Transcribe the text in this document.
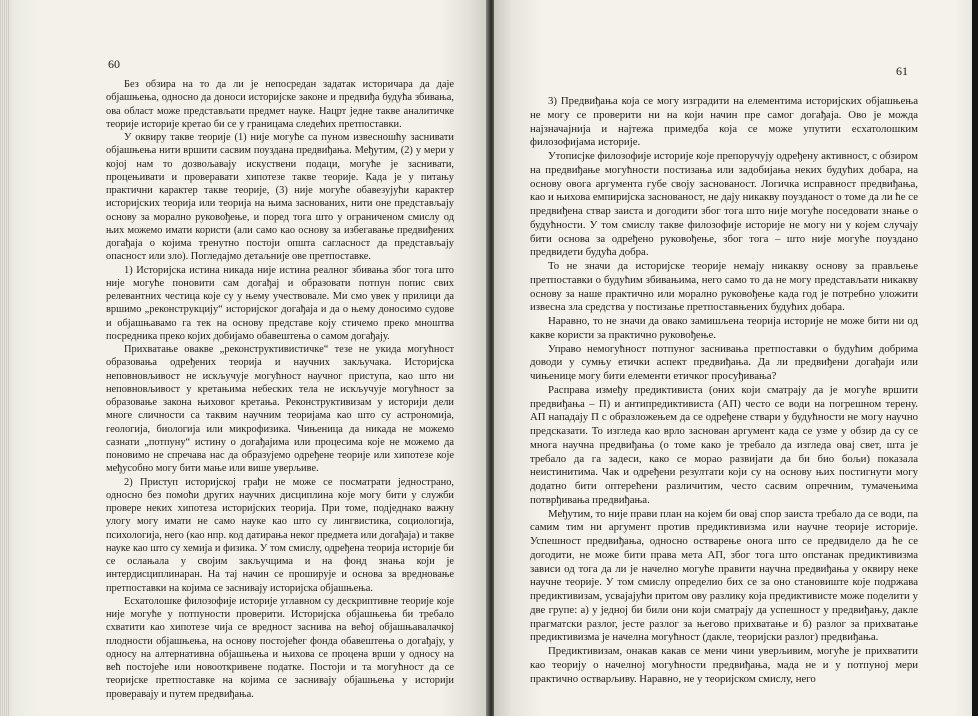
60

Без обзира на то да ли је непосредан задатак историчара да даје објашњења, односно да доноси историјске законе и предвиђа будућа збивања, ова област може представљати предмет науке. Нацрт једне такве аналитичке теорије историје кретао би се у границама следећих претпоставки.

У оквиру такве теорије (1) није могуће са пуном извесношћу заснивати објашњења нити вршити сасвим поуздана предвиђања. Међутим, (2) у мери у којој нам то дозвољавају искуствени подаци, могуће је заснивати, процењивати и проверавати хипотезе такве теорије. Када је у питању практични карактер такве теорије, (3) није могуће обавезујући карактер историјских теорија или теорија на њима заснованих, нити оне представљају основу за морално руковођење, и поред тога што у ограниченом смислу од њих можемо имати користи (али само као основу за избегавање предвиђених догађаја о којима тренутно постоји општа сагласност да представљају опасност или зло). Погледајмо детаљније ове претпоставке.

1) Историјска истина никада није истина реалног збивања због тога што није могуће поновити сам догађај и образовати потпун попис свих релевантних честица које су у њему учествовале. Ми смо увек у прилици да вршимо „реконструкцију“ историјског догађаја и да о њему доносимо судове и објашњавамо га тек на основу представе коју стичемо преко мноштва посредника преко којих добијамо обавештења о самом догађају.

Прихватање овакве „реконструктивистичке“ тезе не укида могућност образовања одређених теорија и научних закључака. Историјска неповновљивост не искључује могућност научног приступа, као што ни неповновљивост у кретањима небеских тела не искључује могућност за образовање закона њиховог кретања. Реконструктивизам у историји дели многе сличности са таквим научним теоријама као што су астрономија, геологија, биологија или микрофизика. Чињеница да никада не можемо сазнати „потпуну“ истину о догађајима или процесима које не можемо да поновимо не спречава нас да образујемо одређене теорије или хипотезе које међусобно могу бити мање или више уверљиве.

2) Приступ историјској грађи не може се посматрати једнострано, односно без помоћи других научних дисциплина које могу бити у служби провере неких хипотеза историјских теорија. При томе, подједнако важну улогу могу имати не само науке као што су лингвистика, социологија, психологија, него (као нпр. код датирања неког предмета или догађаја) и такве науке као што су хемија и физика. У том смислу, одређена теорија историје би се ослањала у својим закључцима и на фонд знања који је интердисциплинаран. На тај начин се проширује и основа за вредновање претпоставки на којима се заснивају историјска објашњења.

Есхатолошке филозофије историје углавном су дескриптивне теорије које није могуће у потпуности проверити. Историјска објашњења би требало схватити као хипотезе чија се вредност заснива на већој објашњавалачкој плодности објашњења, на основу постојећег фонда обавештења о догађају, у односу на алтернативна објашњења и њихова се процена врши у односу на већ постојеће или новооткривене податке. Постоји и та могућност да се теоријске претпоставке на којима се заснивају објашњења у историји проверавају и путем предвиђања.

61

3) Предвиђања која се могу изградити на елементима историјских објашњења не могу се проверити ни на који начин пре самог догађаја. Ово је можда најзначајнија и најтежа примедба која се може упутити есхатолошким филозофијама историје.

Утописјке филозофије историје које препоручују одређену активност, с обзиром на предвиђање могућности постизања или задобијања неких будућих добара, на основу овога аргумента губе своју заснованост. Логичка исправност предвиђања, као и њихова емпиријска заснованост, не дају никакву поузданост о томе да ли ће се предвиђена ствар заиста и догодити због тога што није могуће поседовати знање о будућности. У том смислу такве филозофије историје не могу ни у којем случају бити основа за одређено руковођење, због тога – што није могуће поуздано предвидети будућа добра.

То не значи да историјске теорије немају никакву основу за прављење претпоставки о будућим збивањима, него само то да не могу представљати никакву основу за наше практично или морално руковођење када год је потребно уложити извесна зла средства у постизање претпоставњених будућих добара.

Наравно, то не значи да овако замишљена теорија историје не може бити ни од какве користи за практично руковођење.

Управо немогућност потпуног заснивања претпоставки о будућим добрима доводи у сумњу етички аспект предвиђања. Да ли предвиђени догађаји или чињенице могу бити елементи етичког просуђивања?

Расправа између предиктивиста (оних који сматрају да је могуће вршити предвиђања – П) и антипредиктивиста (АП) често се води на погрешном терену. АП нападају П с образложењем да се одређене ствари у будућности не могу научно предсказати. То изгледа као врло заснован аргумент када се узме у обзир да су се многа научна предвиђања (о томе како је требало да изгледа овај свет, шта је требало да га задеси, како се морао развијати да би био бољи) показала неистинитима. Чак и одређени резултати који су на основу њих постигнути могу додатно бити оптерећени различитим, често сасвим опречним, тумачењима потврђивања предвиђања.

Међутим, то није прави план на којем би овај спор заиста требало да се води, па самим тим ни аргумент против предиктивизма или научне теорије историје. Успешност предвиђања, односно остварење онога што се предвидело да ће се догодити, не може бити права мета АП, због тога што опстанак предиктивизма зависи од тога да ли је начелно могуће правити научна предвиђања у оквиру неке научне теорије. У том смислу определио бих се за оно становиште које подржава предиктивизам, усвајајући притом ову разлику која предиктивисте може поделити у две групе: а) у једној би били они који сматрају да успешност у предвиђању, дакле прагматски разлог, јесте разлог за његово прихватање и б) разлог за прихватање предиктивизма је начелна могућност (дакле, теоријски разлог) предвиђања.

Предиктивизам, онакав какав се мени чини уверљивим, могуће је прихватити као теорију о начелној могућности предвиђања, мада не и у потпуној мери практично остварљиву. Наравно, не у теоријском смислу, него
